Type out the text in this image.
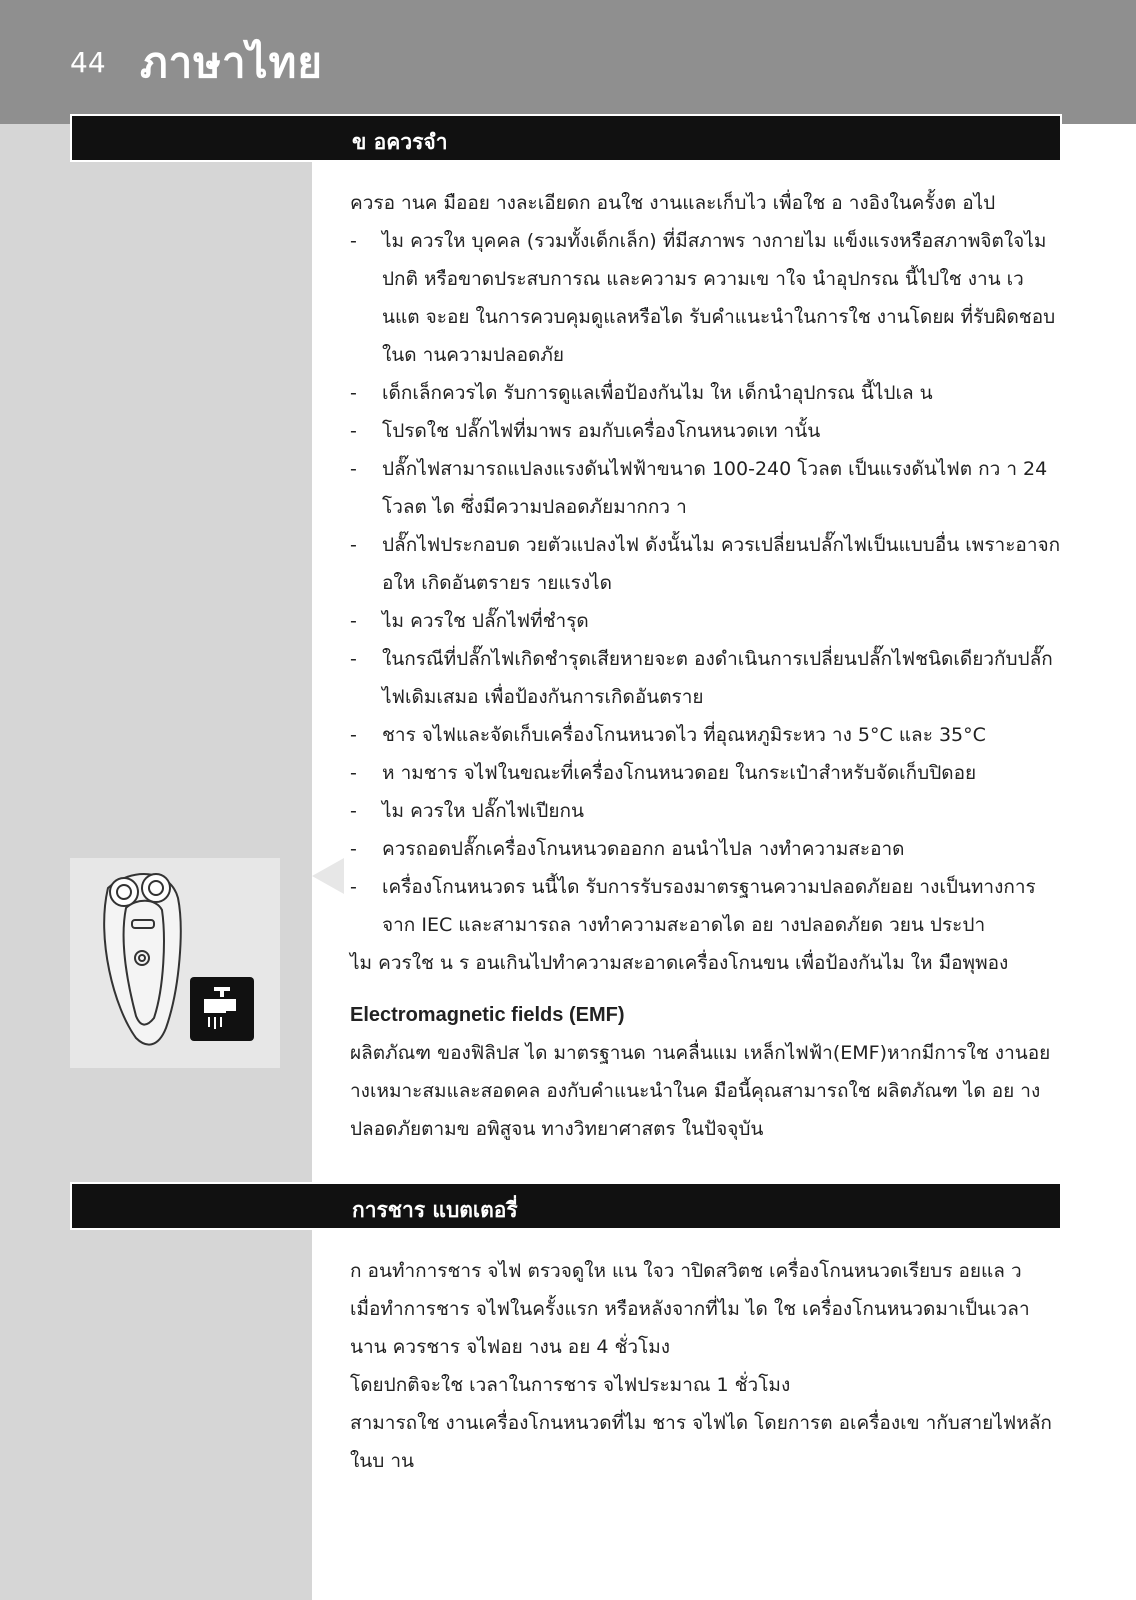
44 ภาษาไทย
ข อควรจำ

ควรอ านค มืออย างละเอียดก อนใช งานและเก็บไว เพื่อใช อ างอิงในครั้งต อไป

- ไม ควรให บุคคล (รวมทั้งเด็กเล็ก) ที่มีสภาพร างกายไม แข็งแรงหรือสภาพจิตใจไม ปกติ หรือขาดประสบการณ และความร ความเข าใจ นำอุปกรณ นี้ไปใช งาน เว นแต จะอย ในการควบคุมดูแลหรือได รับคำแนะนำในการใช งานโดยผ ที่รับผิดชอบในด านความปลอดภัย
- เด็กเล็กควรได รับการดูแลเพื่อป้องกันไม ให เด็กนำอุปกรณ นี้ไปเล น
- โปรดใช ปลั๊กไฟที่มาพร อมกับเครื่องโกนหนวดเท านั้น
- ปลั๊กไฟสามารถแปลงแรงดันไฟฟ้าขนาด 100-240 โวลต เป็นแรงดันไฟต กว า 24 โวลต ได ซึ่งมีความปลอดภัยมากกว า
- ปลั๊กไฟประกอบด วยตัวแปลงไฟ ดังนั้นไม ควรเปลี่ยนปลั๊กไฟเป็นแบบอื่น เพราะอาจก อให เกิดอันตรายร ายแรงได
- ไม ควรใช ปลั๊กไฟที่ชำรุด
- ในกรณีที่ปลั๊กไฟเกิดชำรุดเสียหายจะต องดำเนินการเปลี่ยนปลั๊กไฟชนิดเดียวกับปลั๊กไฟเดิมเสมอ เพื่อป้องกันการเกิดอันตราย
- ชาร จไฟและจัดเก็บเครื่องโกนหนวดไว ที่อุณหภูมิระหว าง 5°C และ 35°C
- ห ามชาร จไฟในขณะที่เครื่องโกนหนวดอย ในกระเป๋าสำหรับจัดเก็บปิดอย
- ไม ควรให ปลั๊กไฟเปียกน
- ควรถอดปลั๊กเครื่องโกนหนวดออกก อนนำไปล างทำความสะอาด
- เครื่องโกนหนวดร นนี้ได รับการรับรองมาตรฐานความปลอดภัยอย างเป็นทางการจาก IEC และสามารถล างทำความสะอาดได อย างปลอดภัยด วยน ประปา

ไม ควรใช น ร อนเกินไปทำความสะอาดเครื่องโกนขน เพื่อป้องกันไม ให มือพุพอง

Electromagnetic fields (EMF)

ผลิตภัณฑ ของฟิลิปส ได มาตรฐานด านคลื่นแม เหล็กไฟฟ้า(EMF)หากมีการใช งานอย างเหมาะสมและสอดคล องกับคำแนะนำในค มือนี้คุณสามารถใช ผลิตภัณฑ ได อย างปลอดภัยตามข อพิสูจน ทางวิทยาศาสตร ในปัจจุบัน

การชาร แบตเตอรี่

ก อนทำการชาร จไฟ ตรวจดูให แน ใจว าปิดสวิตช เครื่องโกนหนวดเรียบร อยแล ว

เมื่อทำการชาร จไฟในครั้งแรก หรือหลังจากที่ไม ได ใช เครื่องโกนหนวดมาเป็นเวลานาน ควรชาร จไฟอย างน อย 4 ชั่วโมง

โดยปกติจะใช เวลาในการชาร จไฟประมาณ 1 ชั่วโมง

สามารถใช งานเครื่องโกนหนวดที่ไม ชาร จไฟได โดยการต อเครื่องเข ากับสายไฟหลักในบ าน
